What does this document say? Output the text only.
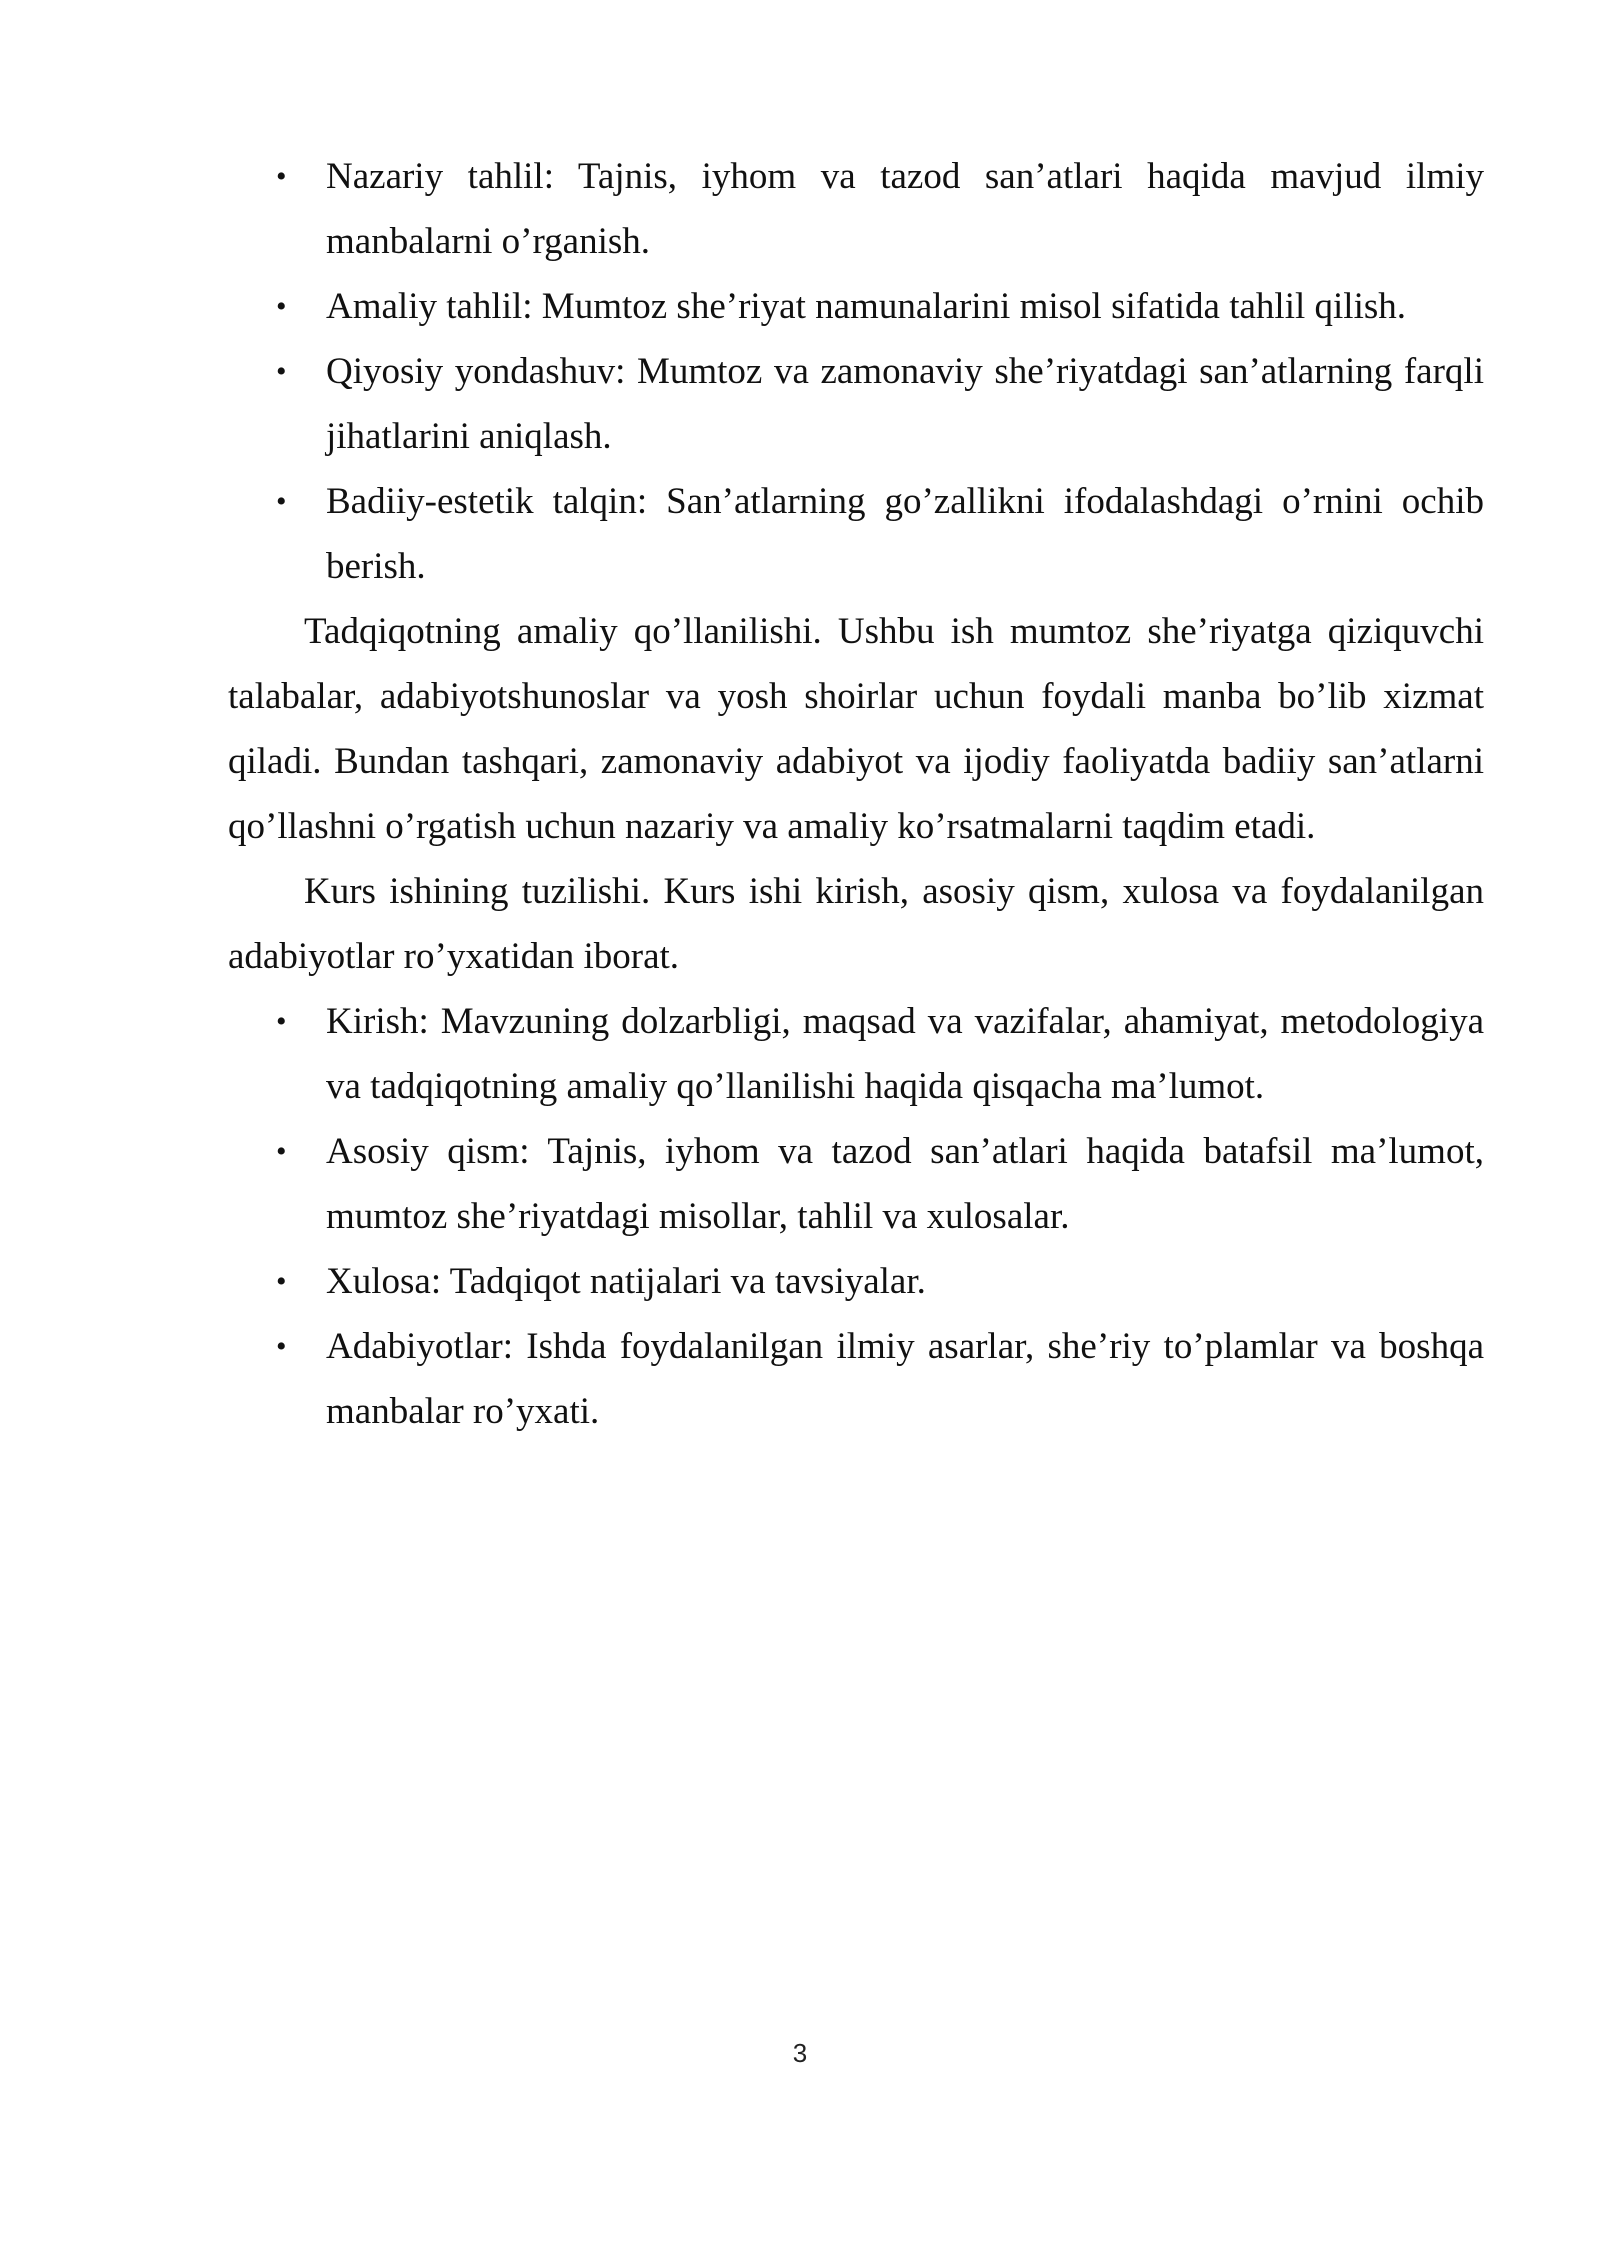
• Nazariy tahlil: Tajnis, iyhom va tazod san’atlari haqida mavjud ilmiy manbalarni o’rganish.
• Amaliy tahlil: Mumtoz she’riyat namunalarini misol sifatida tahlil qilish.
• Qiyosiy yondashuv: Mumtoz va zamonaviy she’riyatdagi san’atlarning farqli jihatlarini aniqlash.
• Badiiy-estetik talqin: San’atlarning go’zallikni ifodalashdagi o’rnini ochib berish.

Tadqiqotning amaliy qo’llanilishi. Ushbu ish mumtoz she’riyatga qiziquvchi talabalar, adabiyotshunoslar va yosh shoirlar uchun foydali manba bo’lib xizmat qiladi. Bundan tashqari, zamonaviy adabiyot va ijodiy faoliyatda badiiy san’atlarni qo’llashni o’rgatish uchun nazariy va amaliy ko’rsatmalarni taqdim etadi.

Kurs ishining tuzilishi. Kurs ishi kirish, asosiy qism, xulosa va foydalanilgan adabiyotlar ro’yxatidan iborat.

• Kirish: Mavzuning dolzarbligi, maqsad va vazifalar, ahamiyat, metodologiya va tadqiqotning amaliy qo’llanilishi haqida qisqacha ma’lumot.
• Asosiy qism: Tajnis, iyhom va tazod san’atlari haqida batafsil ma’lumot, mumtoz she’riyatdagi misollar, tahlil va xulosalar.
• Xulosa: Tadqiqot natijalari va tavsiyalar.
• Adabiyotlar: Ishda foydalanilgan ilmiy asarlar, she’riy to’plamlar va boshqa manbalar ro’yxati.
3
